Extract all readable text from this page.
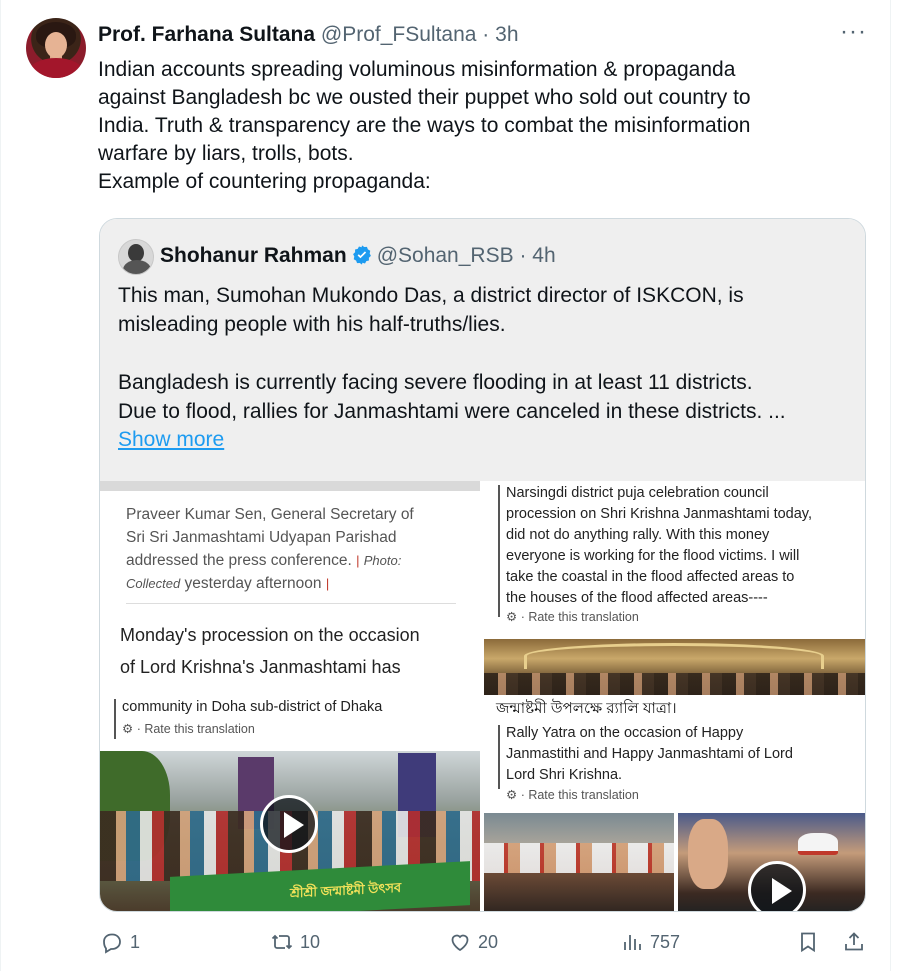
Prof. Farhana Sultana @Prof_FSultana · 3h	···

Indian accounts spreading voluminous misinformation & propaganda

against Bangladesh bc we ousted their puppet who sold out country to

India. Truth & transparency are the ways to combat the misinformation

warfare by liars, trolls, bots.

Example of countering propaganda:

Shohanur Rahman @Sohan_RSB · 4h

This man, Sumohan Mukondo Das, a district director of ISKCON, is

misleading people with his half-truths/lies.

Bangladesh is currently facing severe flooding in at least 11 districts.

Due to flood, rallies for Janmashtami were canceled in these districts. ...

Show more
Praveer Kumar Sen, General Secretary of
Sri Sri Janmashtami Udyapan Parishad
addressed the press conference. | Photo:
Collected yesterday afternoon |
Monday's procession on the occasion
of Lord Krishna's Janmashtami has
Narsingdi district puja celebration council
procession on Shri Krishna Janmashtami today,
did not do anything rally. With this money
everyone is working for the flood victims. I will
take the coastal in the flood affected areas to
the houses of the flood affected areas----
⚙ · Rate this translation
community in Doha sub-district of Dhaka
⚙ · Rate this translation
শ্রীশ্রী জন্মাষ্টমী উৎসব
জন্মাষ্টমী উপলক্ষে র‍্যালি যাত্রা।
Rally Yatra on the occasion of Happy
Janmastithi and Happy Janmashtami of Lord
Lord Shri Krishna.
⚙ · Rate this translation
1	10	20	757
